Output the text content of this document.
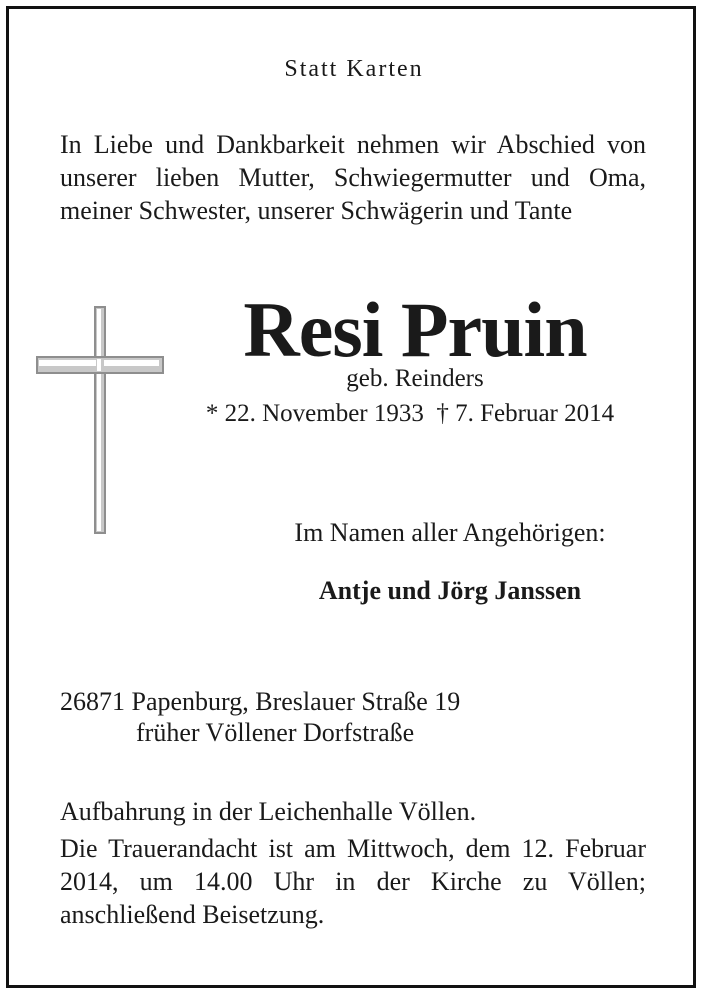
Statt Karten

In Liebe und Dankbarkeit nehmen wir Abschied von unserer lieben Mutter, Schwiegermutter und Oma, meiner Schwester, unserer Schwägerin und Tante

Resi Pruin

geb. Reinders

* 22. November 1933 † 7. Februar 2014

Im Namen aller Angehörigen:

Antje und Jörg Janssen

26871 Papenburg, Breslauer Straße 19
früher Völlener Dorfstraße

Aufbahrung in der Leichenhalle Völlen.

Die Trauerandacht ist am Mittwoch, dem 12. Februar 2014, um 14.00 Uhr in der Kirche zu Völlen; anschließend Beisetzung.
